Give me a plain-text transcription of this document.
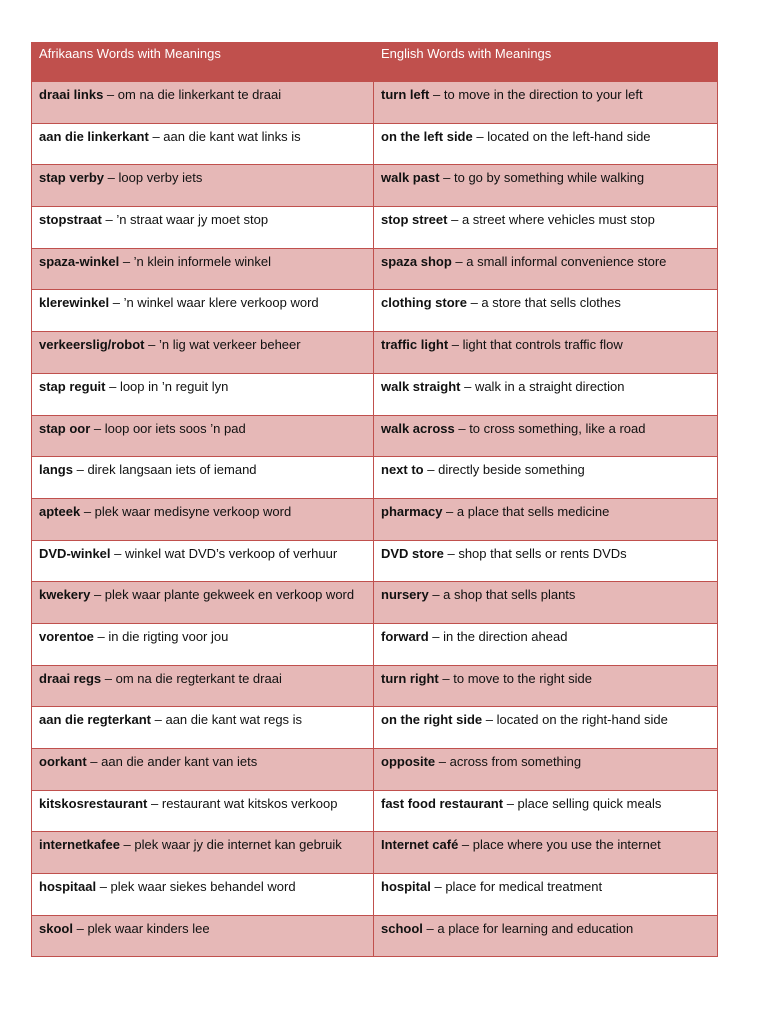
Afrikaans Words with Meanings	English Words with Meanings
draai links – om na die linkerkant te draai	turn left – to move in the direction to your left
aan die linkerkant – aan die kant wat links is	on the left side – located on the left-hand side
stap verby – loop verby iets	walk past – to go by something while walking
stopstraat – ’n straat waar jy moet stop	stop street – a street where vehicles must stop
spaza-winkel – ’n klein informele winkel	spaza shop – a small informal convenience store
klerewinkel – ’n winkel waar klere verkoop word	clothing store – a store that sells clothes
verkeerslig/robot – ’n lig wat verkeer beheer	traffic light – light that controls traffic flow
stap reguit – loop in ’n reguit lyn	walk straight – walk in a straight direction
stap oor – loop oor iets soos ’n pad	walk across – to cross something, like a road
langs – direk langsaan iets of iemand	next to – directly beside something
apteek – plek waar medisyne verkoop word	pharmacy – a place that sells medicine
DVD-winkel – winkel wat DVD’s verkoop of verhuur	DVD store – shop that sells or rents DVDs
kwekery – plek waar plante gekweek en verkoop word	nursery – a shop that sells plants
vorentoe – in die rigting voor jou	forward – in the direction ahead
draai regs – om na die regterkant te draai	turn right – to move to the right side
aan die regterkant – aan die kant wat regs is	on the right side – located on the right-hand side
oorkant – aan die ander kant van iets	opposite – across from something
kitskosrestaurant – restaurant wat kitskos verkoop	fast food restaurant – place selling quick meals
internetkafee – plek waar jy die internet kan gebruik	Internet café – place where you use the internet
hospitaal – plek waar siekes behandel word	hospital – place for medical treatment
skool – plek waar kinders lee	school – a place for learning and education
